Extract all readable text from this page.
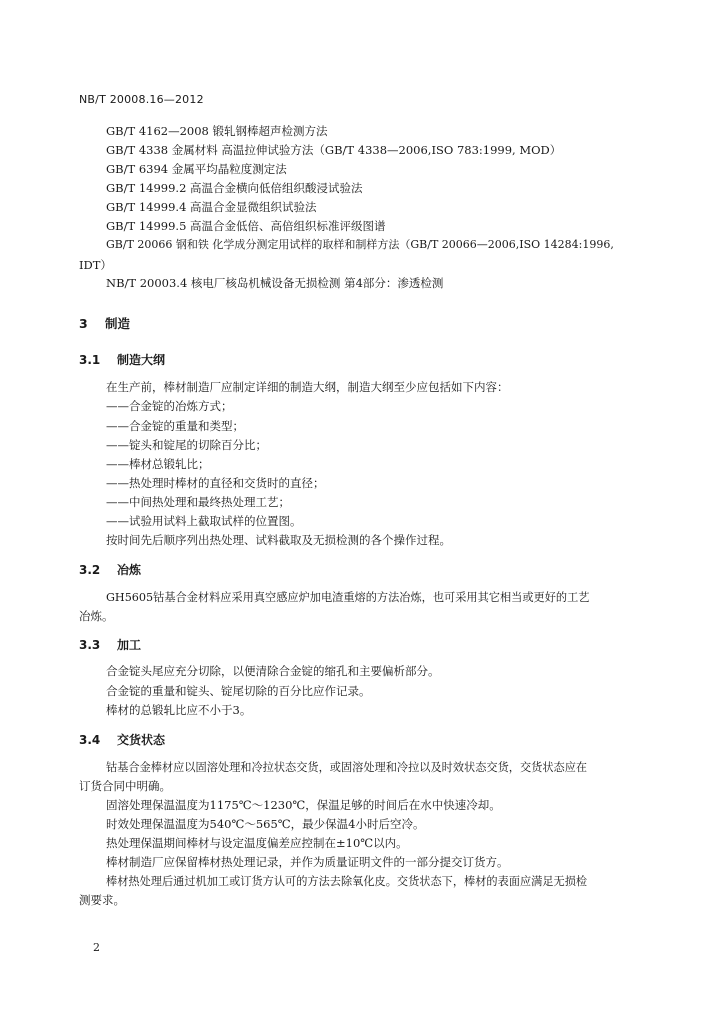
NB/T 20008.16—2012
GB/T 4162—2008 锻轧钢棒超声检测方法
GB/T 4338 金属材料 高温拉伸试验方法（GB/T 4338—2006,ISO 783:1999, MOD）
GB/T 6394 金属平均晶粒度测定法
GB/T 14999.2 高温合金横向低倍组织酸浸试验法
GB/T 14999.4 高温合金显微组织试验法
GB/T 14999.5 高温合金低倍、高倍组织标准评级图谱
GB/T 20066 钢和铁 化学成分测定用试样的取样和制样方法（GB/T 20066—2006,ISO 14284:1996,
IDT）
NB/T 20003.4 核电厂核岛机械设备无损检测 第4部分：渗透检测
3 制造
3.1 制造大纲
在生产前，棒材制造厂应制定详细的制造大纲，制造大纲至少应包括如下内容：
——合金锭的冶炼方式；
——合金锭的重量和类型；
——锭头和锭尾的切除百分比；
——棒材总锻轧比；
——热处理时棒材的直径和交货时的直径；
——中间热处理和最终热处理工艺；
——试验用试料上截取试样的位置图。
按时间先后顺序列出热处理、试料截取及无损检测的各个操作过程。
3.2 冶炼
GH5605钴基合金材料应采用真空感应炉加电渣重熔的方法冶炼，也可采用其它相当或更好的工艺
冶炼。
3.3 加工
合金锭头尾应充分切除，以便清除合金锭的缩孔和主要偏析部分。
合金锭的重量和锭头、锭尾切除的百分比应作记录。
棒材的总锻轧比应不小于3。
3.4 交货状态
钴基合金棒材应以固溶处理和冷拉状态交货，或固溶处理和冷拉以及时效状态交货，交货状态应在
订货合同中明确。
固溶处理保温温度为1175℃～1230℃，保温足够的时间后在水中快速冷却。
时效处理保温温度为540℃～565℃，最少保温4小时后空冷。
热处理保温期间棒材与设定温度偏差应控制在±10℃以内。
棒材制造厂应保留棒材热处理记录，并作为质量证明文件的一部分提交订货方。
棒材热处理后通过机加工或订货方认可的方法去除氧化皮。交货状态下，棒材的表面应满足无损检
测要求。
2
